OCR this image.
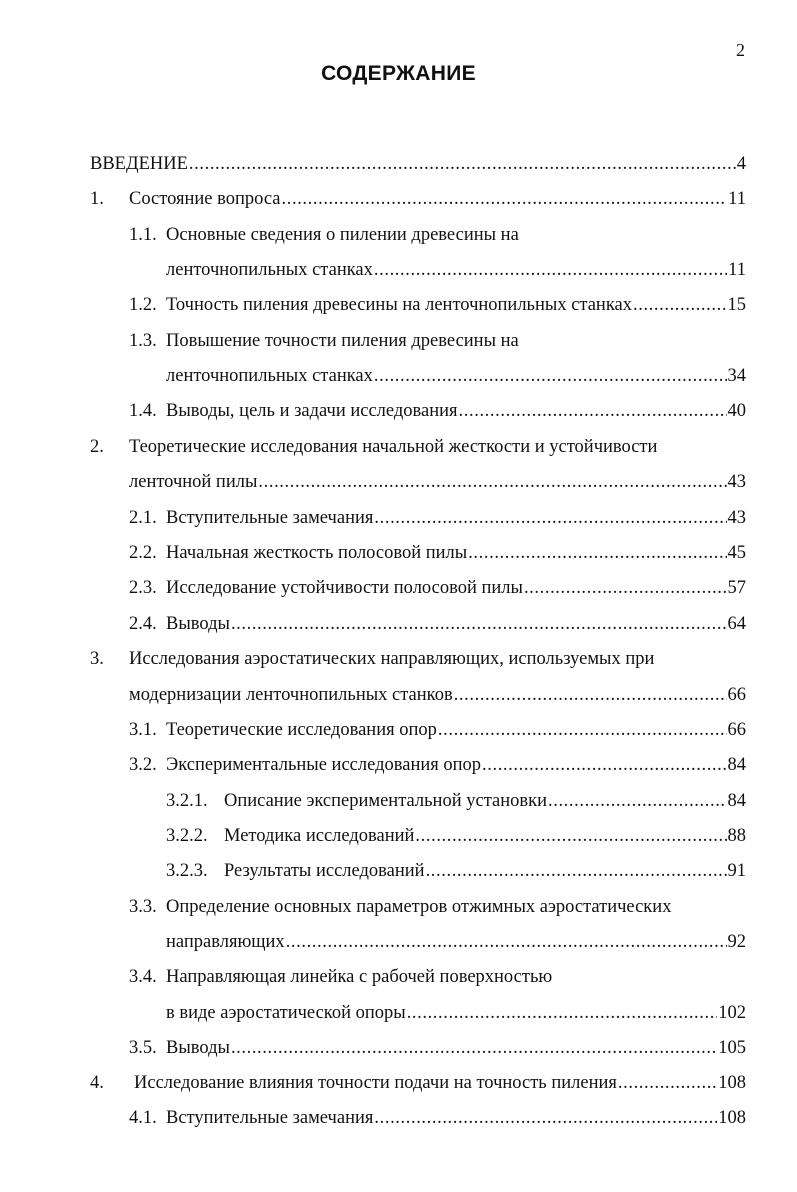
2
СОДЕРЖАНИЕ
ВВЕДЕНИЕ .....	4
1. Состояние вопроса .....	11
1.1. Основные сведения о пилении древесины на
ленточнопильных станках .....	11
1.2. Точность пиления древесины на ленточнопильных станках .....	15
1.3. Повышение точности пиления древесины на
ленточнопильных станках .....	34
1.4. Выводы, цель и задачи исследования .....	40
2. Теоретические исследования начальной жесткости и устойчивости
ленточной пилы .....	43
2.1. Вступительные замечания .....	43
2.2. Начальная жесткость полосовой пилы .....	45
2.3. Исследование устойчивости полосовой пилы .....	57
2.4. Выводы .....	64
3. Исследования аэростатических направляющих, используемых при
модернизации ленточнопильных станков .....	66
3.1. Теоретические исследования опор .....	66
3.2. Экспериментальные исследования опор .....	84
3.2.1. Описание экспериментальной установки .....	84
3.2.2. Методика исследований .....	88
3.2.3. Результаты исследований .....	91
3.3. Определение основных параметров отжимных аэростатических
направляющих .....	92
3.4. Направляющая линейка с рабочей поверхностью
в виде аэростатической опоры .....	102
3.5. Выводы .....	105
4. Исследование влияния точности подачи на точность пиления .....	108
4.1. Вступительные замечания .....	108
